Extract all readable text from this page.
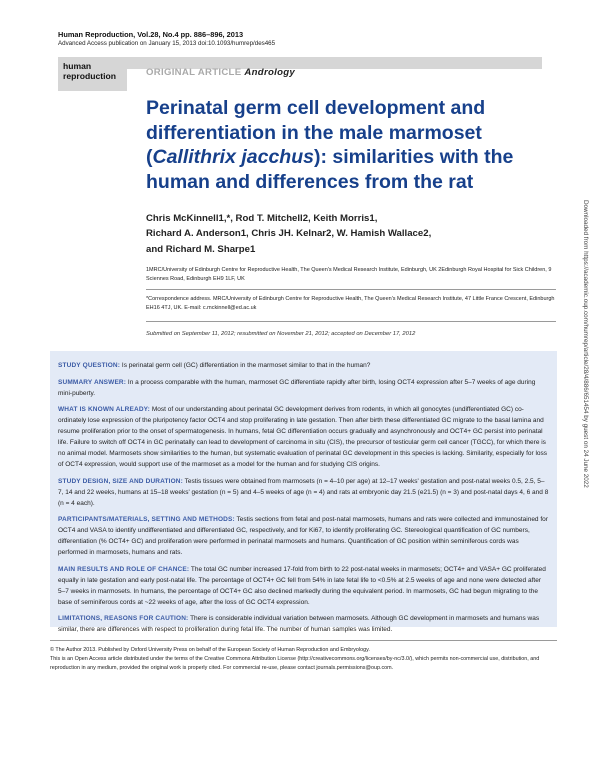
Human Reproduction, Vol.28, No.4 pp. 886–896, 2013
Advanced Access publication on January 15, 2013 doi:10.1093/humrep/des465
human
reproduction	ORIGINAL ARTICLE Andrology
Perinatal germ cell development and differentiation in the male marmoset (Callithrix jacchus): similarities with the human and differences from the rat
Chris McKinnell1,*, Rod T. Mitchell2, Keith Morris1,
Richard A. Anderson1, Chris JH. Kelnar2, W. Hamish Wallace2,
and Richard M. Sharpe1
1MRC/University of Edinburgh Centre for Reproductive Health, The Queen's Medical Research Institute, Edinburgh, UK 2Edinburgh Royal Hospital for Sick Children, 9 Sciennes Road, Edinburgh EH9 1LF, UK
*Correspondence address. MRC/University of Edinburgh Centre for Reproductive Health, The Queen's Medical Research Institute, 47 Little France Crescent, Edinburgh EH16 4TJ, UK. E-mail: c.mckinnell@ed.ac.uk
Submitted on September 11, 2012; resubmitted on November 21, 2012; accepted on December 17, 2012

STUDY QUESTION: Is perinatal germ cell (GC) differentiation in the marmoset similar to that in the human?

SUMMARY ANSWER: In a process comparable with the human, marmoset GC differentiate rapidly after birth, losing OCT4 expression after 5–7 weeks of age during mini-puberty.

WHAT IS KNOWN ALREADY: Most of our understanding about perinatal GC development derives from rodents, in which all gonocytes (undifferentiated GC) co-ordinately lose expression of the pluripotency factor OCT4 and stop proliferating in late gestation. Then after birth these differentiated GC migrate to the basal lamina and resume proliferation prior to the onset of spermatogenesis. In humans, fetal GC differentiation occurs gradually and asynchronously and OCT4+ GC persist into perinatal life. Failure to switch off OCT4 in GC perinatally can lead to development of carcinoma in situ (CIS), the precursor of testicular germ cell cancer (TGCC), for which there is no animal model. Marmosets show similarities to the human, but systematic evaluation of perinatal GC development in this species is lacking. Similarity, especially for loss of OCT4 expression, would support use of the marmoset as a model for the human and for studying CIS origins.

STUDY DESIGN, SIZE AND DURATION: Testis tissues were obtained from marmosets (n = 4–10 per age) at 12–17 weeks' gestation and post-natal weeks 0.5, 2.5, 5–7, 14 and 22 weeks, humans at 15–18 weeks' gestation (n = 5) and 4–5 weeks of age (n = 4) and rats at embryonic day 21.5 (e21.5) (n = 3) and post-natal days 4, 6 and 8 (n = 4 each).

PARTICIPANTS/MATERIALS, SETTING AND METHODS: Testis sections from fetal and post-natal marmosets, humans and rats were collected and immunostained for OCT4 and VASA to identify undifferentiated and differentiated GC, respectively, and for Ki67, to identify proliferating GC. Stereological quantification of GC numbers, differentiation (% OCT4+ GC) and proliferation were performed in perinatal marmosets and humans. Quantification of GC position within seminiferous cords was performed in marmosets, humans and rats.

MAIN RESULTS AND ROLE OF CHANCE: The total GC number increased 17-fold from birth to 22 post-natal weeks in marmosets; OCT4+ and VASA+ GC proliferated equally in late gestation and early post-natal life. The percentage of OCT4+ GC fell from 54% in late fetal life to <0.5% at 2.5 weeks of age and none were detected after 5–7 weeks in marmosets. In humans, the percentage of OCT4+ GC also declined markedly during the equivalent period. In marmosets, GC had begun migrating to the base of seminiferous cords at ~22 weeks of age, after the loss of GC OCT4 expression.

LIMITATIONS, REASONS FOR CAUTION: There is considerable individual variation between marmosets. Although GC development in marmosets and humans was similar, there are differences with respect to proliferation during fetal life. The number of human samples was limited.

© The Author 2013. Published by Oxford University Press on behalf of the European Society of Human Reproduction and Embryology.
This is an Open Access article distributed under the terms of the Creative Commons Attribution License (http://creativecommons.org/licenses/by-nc/3.0/), which permits non-commercial use, distribution, and reproduction in any medium, provided the original work is properly cited. For commercial re-use, please contact journals.permissions@oup.com.
Downloaded from https://academic.oup.com/humrep/article/28/4/886/651454 by guest on 24 June 2022
